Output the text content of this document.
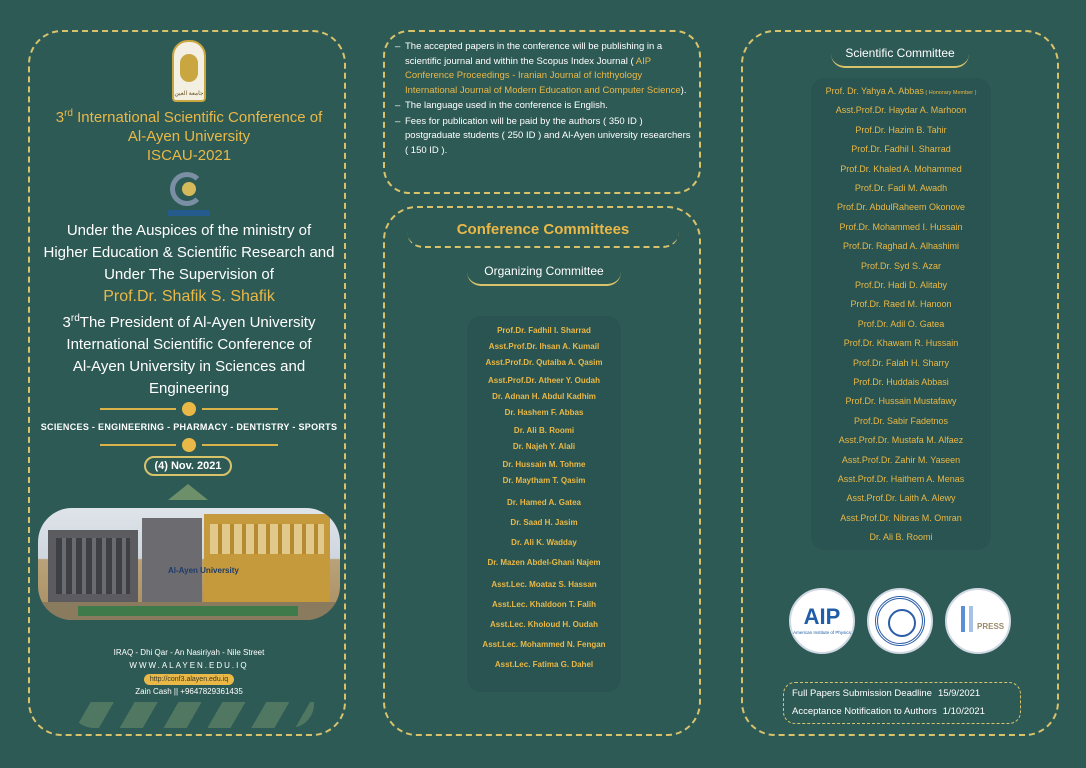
جامعة العين
3rd International Scientific Conference of
Al-Ayen University
ISCAU-2021
Under the Auspices of the ministry of
Higher Education & Scientific Research and
Under The Supervision of
Prof.Dr. Shafik S. Shafik
3rdThe President of Al-Ayen University
International Scientific Conference of
Al-Ayen University in Sciences and
Engineering
SCIENCES - ENGINEERING - PHARMACY - DENTISTRY - SPORTS
(4) Nov. 2021
Al-Ayen University
IRAQ - Dhi Qar - An Nasiriyah - Nile Street
WWW.ALAYEN.EDU.IQ
http://conf3.alayen.edu.iq
Zain Cash || +9647829361435
– The accepted papers in the conference will be publishing in a scientific journal and within the Scopus Index Journal ( AIP Conference Proceedings - Iranian Journal of Ichthyology International Journal of Modern Education and Computer Science).
– The language used in the conference is English.
– Fees for publication will be paid by the authors ( 350 ID ) postgraduate students ( 250 ID ) and Al-Ayen university researchers ( 150 ID ).
Conference Committees
Organizing Committee
Prof.Dr. Fadhil I. Sharrad
Asst.Prof.Dr. Ihsan A. Kumail
Asst.Prof.Dr. Qutaiba A. Qasim
Asst.Prof.Dr. Atheer Y. Oudah
Dr. Adnan H. Abdul Kadhim
Dr. Hashem F. Abbas
Dr. Ali B. Roomi
Dr. Najeh Y. Alali
Dr. Hussain M. Tohme
Dr. Maytham T. Qasim
Dr. Hamed A. Gatea
Dr. Saad H. Jasim
Dr. Ali K. Wadday
Dr. Mazen Abdel-Ghani Najem
Asst.Lec. Moataz S. Hassan
Asst.Lec. Khaldoon T. Falih
Asst.Lec. Kholoud H. Oudah
Asst.Lec. Mohammed N. Fengan
Asst.Lec. Fatima G. Dahel
Scientific Committee
Prof. Dr. Yahya A. Abbas ( Honorary Member )
Asst.Prof.Dr. Haydar A. Marhoon
Prof.Dr. Hazim B. Tahir
Prof.Dr. Fadhil I. Sharrad
Prof.Dr. Khaled A. Mohammed
Prof.Dr. Fadi M. Awadh
Prof.Dr. AbdulRaheem Okonove
Prof.Dr. Mohammed I. Hussain
Prof.Dr. Raghad A. Alhashimi
Prof.Dr. Syd S. Azar
Prof.Dr. Hadi D. Alitaby
Prof.Dr. Raed M. Hanoon
Prof.Dr. Adil O. Gatea
Prof.Dr. Khawam R. Hussain
Prof.Dr. Falah H. Sharry
Prof.Dr. Huddais Abbasi
Prof.Dr. Hussain Mustafawy
Prof.Dr. Sabir Fadetnos
Asst.Prof.Dr. Mustafa M. Alfaez
Asst.Prof.Dr. Zahir M. Yaseen
Asst.Prof.Dr. Haithem A. Menas
Asst.Prof.Dr. Laith A. Alewy
Asst.Prof.Dr. Nibras M. Omran
Dr. Ali B. Roomi
AIP
American Institute of Physics
PRESS
Full Papers Submission Deadline 15/9/2021
Acceptance Notification to Authors 1/10/2021
